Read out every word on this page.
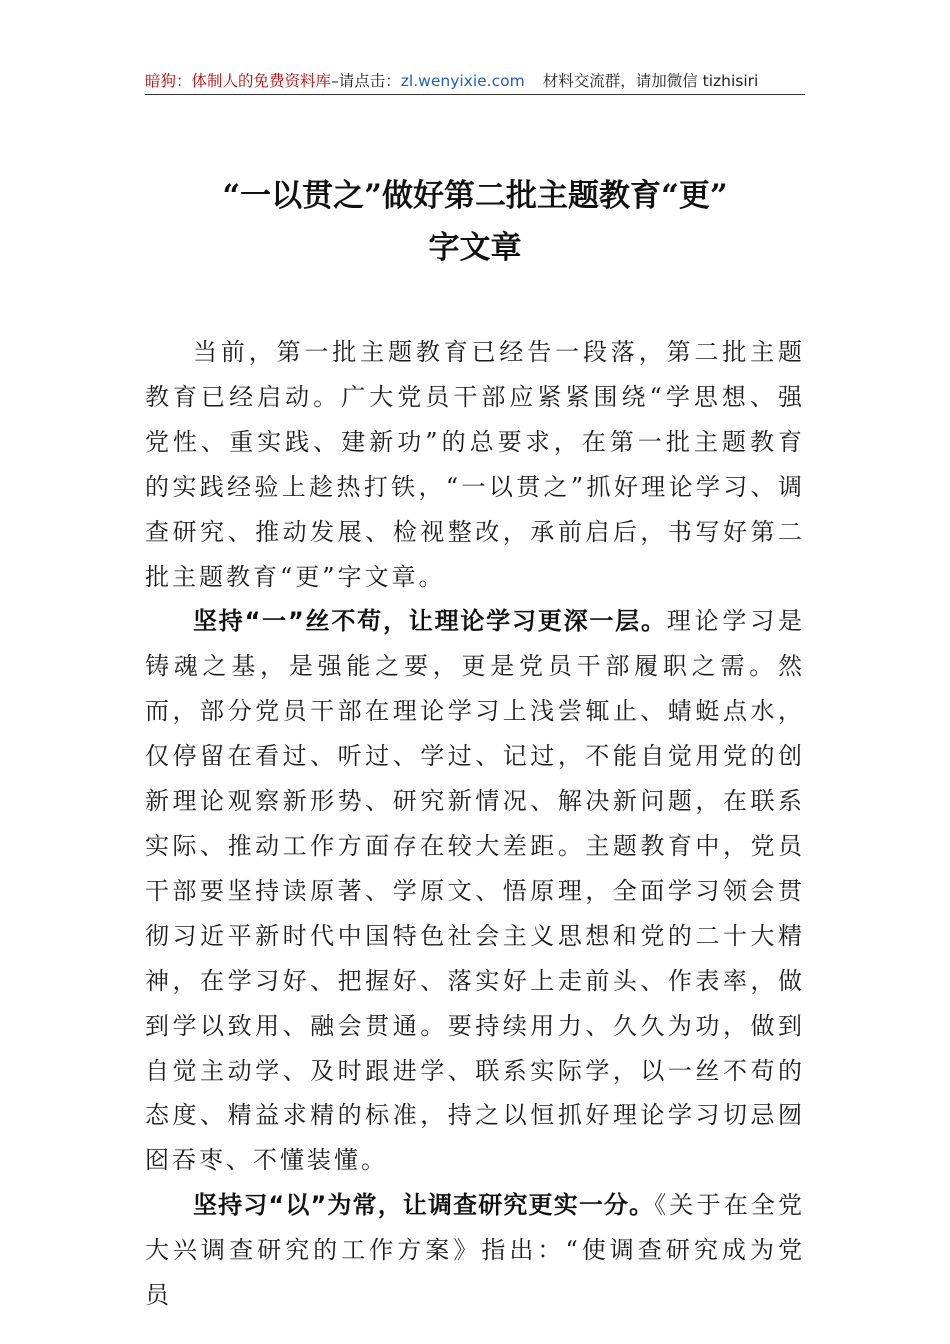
暗狗：体制人的免费资料库–请点击：zl.wenyixie.com 材料交流群，请加微信 tizhisiri
“一以贯之”做好第二批主题教育“更”
字文章

当前，第一批主题教育已经告一段落，第二批主题教育已经启动。广大党员干部应紧紧围绕“学思想、强党性、重实践、建新功”的总要求，在第一批主题教育的实践经验上趁热打铁，“一以贯之”抓好理论学习、调查研究、推动发展、检视整改，承前启后，书写好第二批主题教育“更”字文章。

坚持“一”丝不苟，让理论学习更深一层。理论学习是铸魂之基，是强能之要，更是党员干部履职之需。然而，部分党员干部在理论学习上浅尝辄止、蜻蜓点水，仅停留在看过、听过、学过、记过，不能自觉用党的创新理论观察新形势、研究新情况、解决新问题，在联系实际、推动工作方面存在较大差距。主题教育中，党员干部要坚持读原著、学原文、悟原理，全面学习领会贯彻习近平新时代中国特色社会主义思想和党的二十大精神，在学习好、把握好、落实好上走前头、作表率，做到学以致用、融会贯通。要持续用力、久久为功，做到自觉主动学、及时跟进学、联系实际学，以一丝不苟的态度、精益求精的标准，持之以恒抓好理论学习切忌囫囵吞枣、不懂装懂。

坚持习“以”为常，让调查研究更实一分。《关于在全党大兴调查研究的工作方案》指出：“使调查研究成为党员
